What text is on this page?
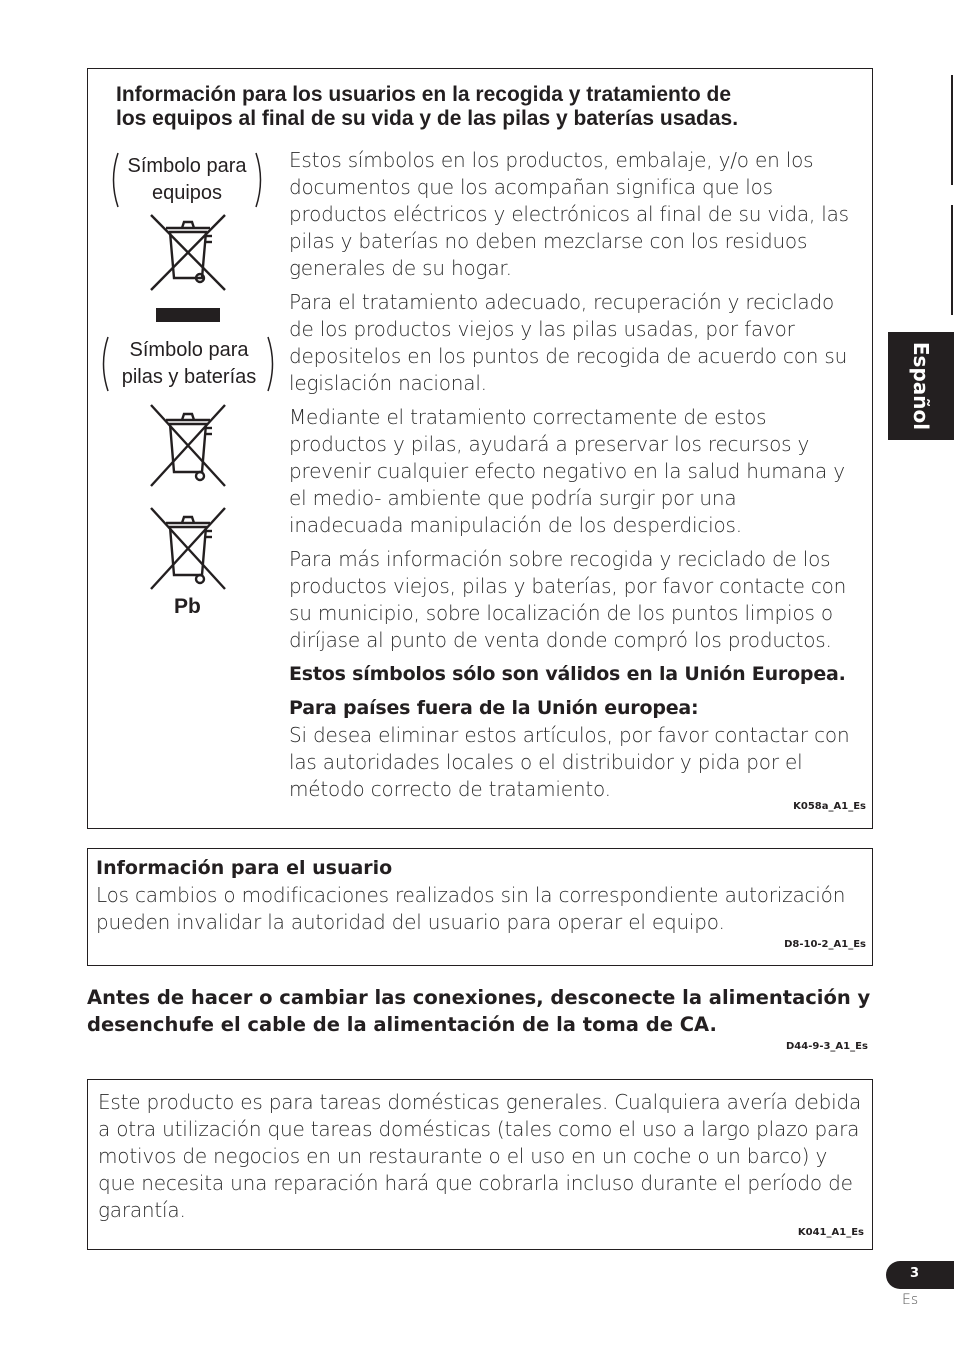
Español
Información para los usuarios en la recogida y tratamiento de
los equipos al final de su vida y de las pilas y baterías usadas.
Símbolo para
equipos
Símbolo para
pilas y baterías
Pb

Estos símbolos en los productos, embalaje, y/o en los documentos que los acompañan significa que los productos eléctricos y electrónicos al final de su vida, las pilas y baterías no deben mezclarse con los residuos generales de su hogar.

Para el tratamiento adecuado, recuperación y reciclado de los productos viejos y las pilas usadas, por favor depositelos en los puntos de recogida de acuerdo con su legislación nacional.

Mediante el tratamiento correctamente de estos productos y pilas, ayudará a preservar los recursos y prevenir cualquier efecto negativo en la salud humana y el medio- ambiente que podría surgir por una inadecuada manipulación de los desperdicios.

Para más información sobre recogida y reciclado de los productos viejos, pilas y baterías, por favor contacte con su municipio, sobre localización de los puntos limpios o diríjase al punto de venta donde compró los productos.

Estos símbolos sólo son válidos en la Unión Europea.

Para países fuera de la Unión europea:

Si desea eliminar estos artículos, por favor contactar con las autoridades locales o el distribuidor y pida por el método correcto de tratamiento.

K058a_A1_Es
Información para el usuario
Los cambios o modificaciones realizados sin la correspondiente autorización pueden invalidar la autoridad del usuario para operar el equipo.
D8-10-2_A1_Es
Antes de hacer o cambiar las conexiones, desconecte la alimentación y
desenchufe el cable de la alimentación de la toma de CA.
D44-9-3_A1_Es
Este producto es para tareas domésticas generales. Cualquiera avería debida a otra utilización que tareas domésticas (tales como el uso a largo plazo para motivos de negocios en un restaurante o el uso en un coche o un barco) y que necesita una reparación hará que cobrarla incluso durante el período de garantía.
K041_A1_Es
3
Es
